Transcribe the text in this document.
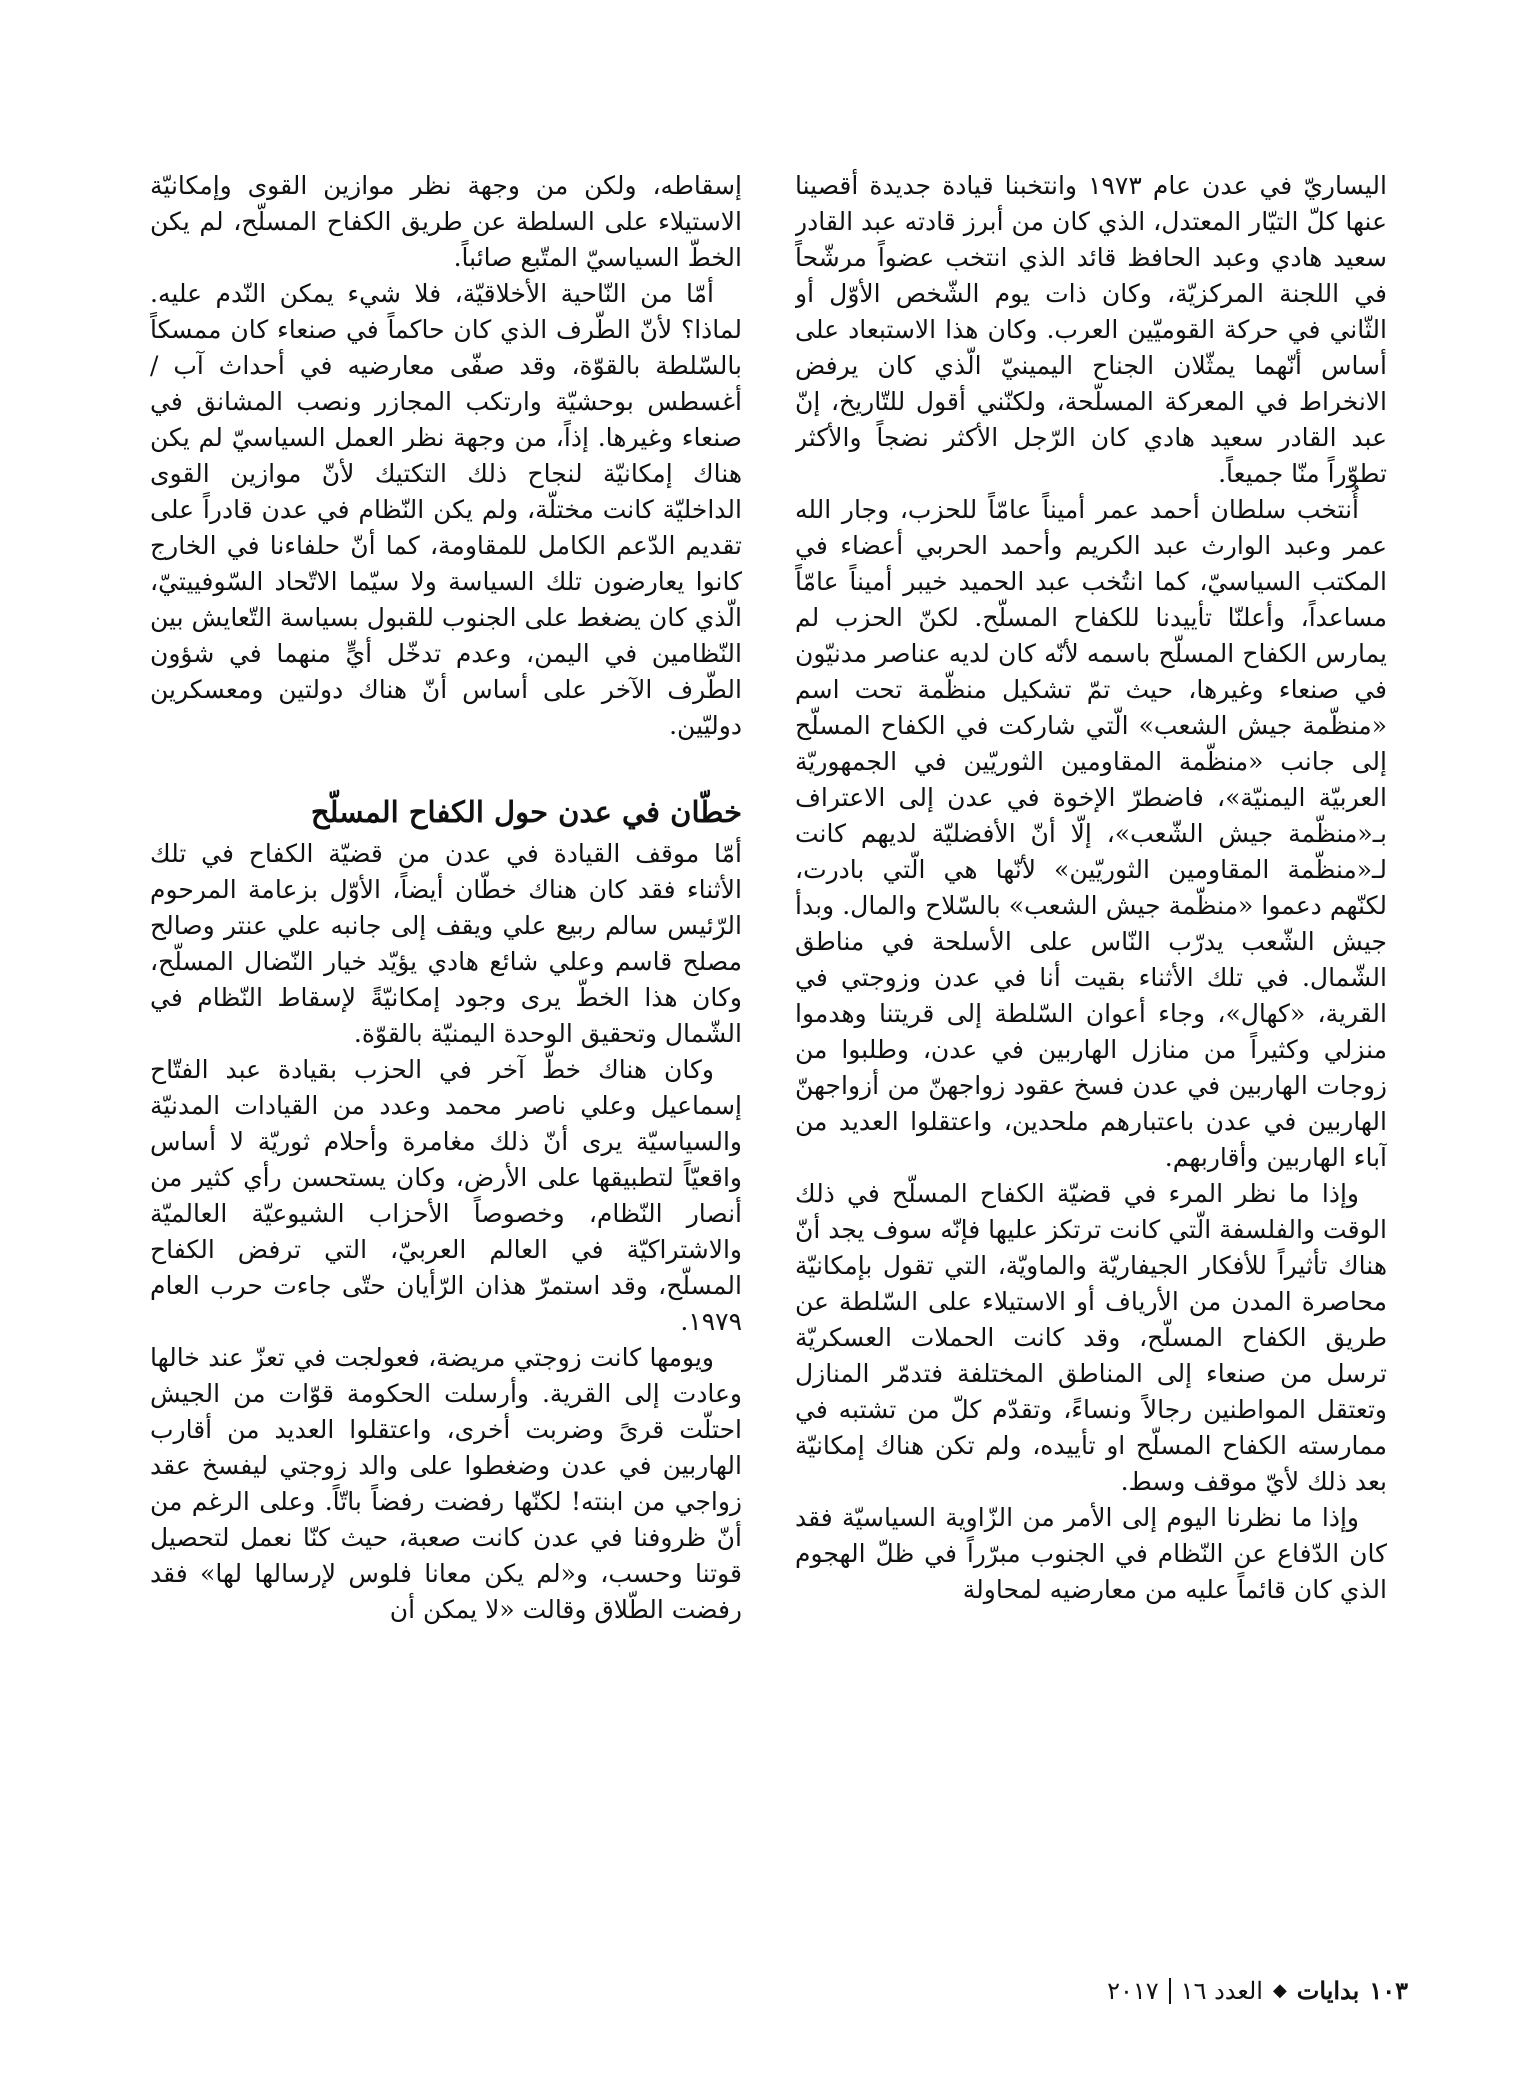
اليساريّ في عدن عام ١٩٧٣ وانتخبنا قيادة جديدة أقصينا عنها كلّ التيّار المعتدل، الذي كان من أبرز قادته عبد القادر سعيد هادي وعبد الحافظ قائد الذي انتخب عضواً مرشّحاً في اللجنة المركزيّة، وكان ذات يوم الشّخص الأوّل أو الثّاني في حركة القوميّين العرب. وكان هذا الاستبعاد على أساس أنّهما يمثّلان الجناح اليمينيّ الّذي كان يرفض الانخراط في المعركة المسلّحة، ولكنّني أقول للتّاريخ، إنّ عبد القادر سعيد هادي كان الرّجل الأكثر نضجاً والأكثر تطوّراً منّا جميعاً.

أُنتخب سلطان أحمد عمر أميناً عامّاً للحزب، وجار الله عمر وعبد الوارث عبد الكريم وأحمد الحربي أعضاء في المكتب السياسيّ، كما انتُخب عبد الحميد خيبر أميناً عامّاً مساعداً، وأعلنّا تأييدنا للكفاح المسلّح. لكنّ الحزب لم يمارس الكفاح المسلّح باسمه لأنّه كان لديه عناصر مدنيّون في صنعاء وغيرها، حيث تمّ تشكيل منظّمة تحت اسم «منظّمة جيش الشعب» الّتي شاركت في الكفاح المسلّح إلى جانب «منظّمة المقاومين الثوريّين في الجمهوريّة العربيّة اليمنيّة»، فاضطرّ الإخوة في عدن إلى الاعتراف بـ«منظّمة جيش الشّعب»، إلّا أنّ الأفضليّة لديهم كانت لـ«منظّمة المقاومين الثوريّين» لأنّها هي الّتي بادرت، لكنّهم دعموا «منظّمة جيش الشعب» بالسّلاح والمال. وبدأ جيش الشّعب يدرّب النّاس على الأسلحة في مناطق الشّمال. في تلك الأثناء بقيت أنا في عدن وزوجتي في القرية، «كهال»، وجاء أعوان السّلطة إلى قريتنا وهدموا منزلي وكثيراً من منازل الهاربين في عدن، وطلبوا من زوجات الهاربين في عدن فسخ عقود زواجهنّ من أزواجهنّ الهاربين في عدن باعتبارهم ملحدين، واعتقلوا العديد من آباء الهاربين وأقاربهم.

وإذا ما نظر المرء في قضيّة الكفاح المسلّح في ذلك الوقت والفلسفة الّتي كانت ترتكز عليها فإنّه سوف يجد أنّ هناك تأثيراً للأفكار الجيفاريّة والماويّة، التي تقول بإمكانيّة محاصرة المدن من الأرياف أو الاستيلاء على السّلطة عن طريق الكفاح المسلّح، وقد كانت الحملات العسكريّة ترسل من صنعاء إلى المناطق المختلفة فتدمّر المنازل وتعتقل المواطنين رجالاً ونساءً، وتقدّم كلّ من تشتبه في ممارسته الكفاح المسلّح او تأييده، ولم تكن هناك إمكانيّة بعد ذلك لأيّ موقف وسط.

وإذا ما نظرنا اليوم إلى الأمر من الزّاوية السياسيّة فقد كان الدّفاع عن النّظام في الجنوب مبرّراً في ظلّ الهجوم الذي كان قائماً عليه من معارضيه لمحاولة

إسقاطه، ولكن من وجهة نظر موازين القوى وإمكانيّة الاستيلاء على السلطة عن طريق الكفاح المسلّح، لم يكن الخطّ السياسيّ المتّبع صائباً.

أمّا من النّاحية الأخلاقيّة، فلا شيء يمكن النّدم عليه. لماذا؟ لأنّ الطّرف الذي كان حاكماً في صنعاء كان ممسكاً بالسّلطة بالقوّة، وقد صفّى معارضيه في أحداث آب / أغسطس بوحشيّة وارتكب المجازر ونصب المشانق في صنعاء وغيرها. إذاً، من وجهة نظر العمل السياسيّ لم يكن هناك إمكانيّة لنجاح ذلك التكتيك لأنّ موازين القوى الداخليّة كانت مختلّة، ولم يكن النّظام في عدن قادراً على تقديم الدّعم الكامل للمقاومة، كما أنّ حلفاءنا في الخارج كانوا يعارضون تلك السياسة ولا سيّما الاتّحاد السّوفييتيّ، الّذي كان يضغط على الجنوب للقبول بسياسة التّعايش بين النّظامين في اليمن، وعدم تدخّل أيٍّ منهما في شؤون الطّرف الآخر على أساس أنّ هناك دولتين ومعسكرين دوليّين.

خطّان في عدن حول الكفاح المسلّح

أمّا موقف القيادة في عدن من قضيّة الكفاح في تلك الأثناء فقد كان هناك خطّان أيضاً، الأوّل بزعامة المرحوم الرّئيس سالم ربيع علي ويقف إلى جانبه علي عنتر وصالح مصلح قاسم وعلي شائع هادي يؤيّد خيار النّضال المسلّح، وكان هذا الخطّ يرى وجود إمكانيّةً لإسقاط النّظام في الشّمال وتحقيق الوحدة اليمنيّة بالقوّة.

وكان هناك خطّ آخر في الحزب بقيادة عبد الفتّاح إسماعيل وعلي ناصر محمد وعدد من القيادات المدنيّة والسياسيّة يرى أنّ ذلك مغامرة وأحلام ثوريّة لا أساس واقعيّاً لتطبيقها على الأرض، وكان يستحسن رأي كثير من أنصار النّظام، وخصوصاً الأحزاب الشيوعيّة العالميّة والاشتراكيّة في العالم العربيّ، التي ترفض الكفاح المسلّح، وقد استمرّ هذان الرّأيان حتّى جاءت حرب العام ١٩٧٩.

ويومها كانت زوجتي مريضة، فعولجت في تعزّ عند خالها وعادت إلى القرية. وأرسلت الحكومة قوّات من الجيش احتلّت قرىً وضربت أخرى، واعتقلوا العديد من أقارب الهاربين في عدن وضغطوا على والد زوجتي ليفسخ عقد زواجي من ابنته! لكنّها رفضت رفضاً باتّاً. وعلى الرغم من أنّ ظروفنا في عدن كانت صعبة، حيث كنّا نعمل لتحصيل قوتنا وحسب، و«لم يكن معانا فلوس لإرسالها لها» فقد رفضت الطّلاق وقالت «لا يمكن أن

١٠٣
بدايات
◆
العدد ١٦
٢٠١٧
